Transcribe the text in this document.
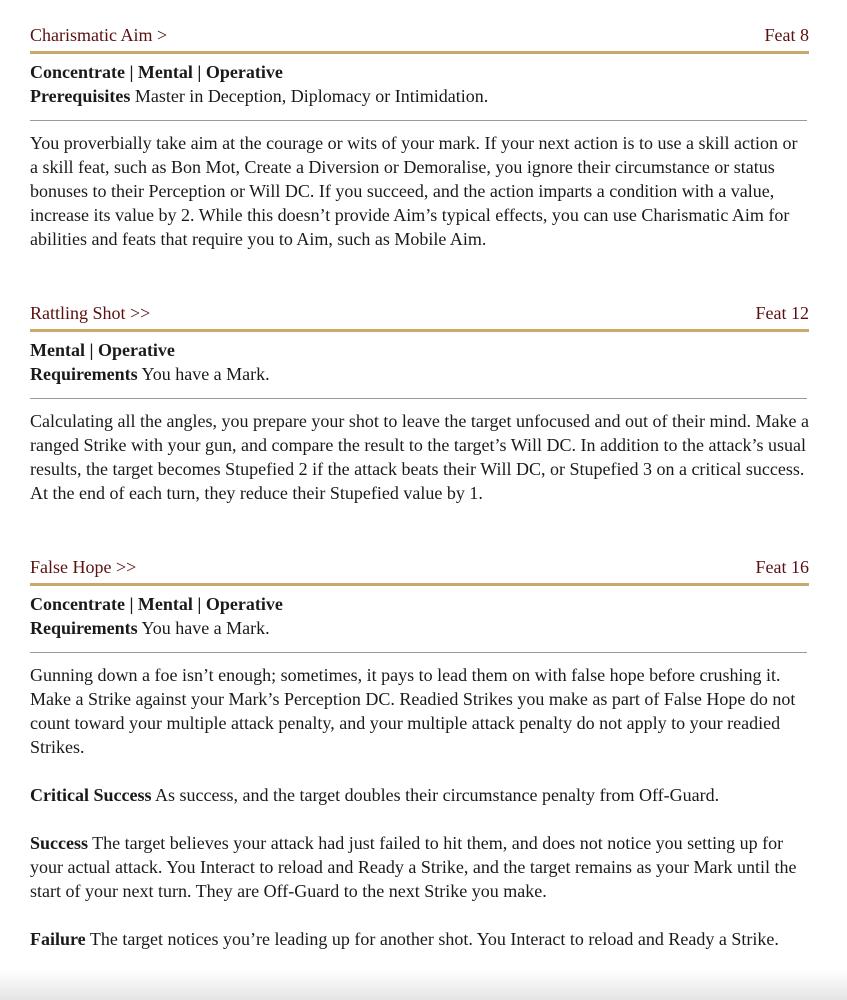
Charismatic Aim >	Feat 8
Concentrate | Mental | Operative
Prerequisites Master in Deception, Diplomacy or Intimidation.

You proverbially take aim at the courage or wits of your mark. If your next action is to use a skill action or a skill feat, such as Bon Mot, Create a Diversion or Demoralise, you ignore their circumstance or status bonuses to their Perception or Will DC. If you succeed, and the action imparts a condition with a value, increase its value by 2. While this doesn’t provide Aim’s typical effects, you can use Charismatic Aim for abilities and feats that require you to Aim, such as Mobile Aim.

Rattling Shot >>	Feat 12
Mental | Operative
Requirements You have a Mark.

Calculating all the angles, you prepare your shot to leave the target unfocused and out of their mind. Make a ranged Strike with your gun, and compare the result to the target’s Will DC. In addition to the attack’s usual results, the target becomes Stupefied 2 if the attack beats their Will DC, or Stupefied 3 on a critical success. At the end of each turn, they reduce their Stupefied value by 1.

False Hope >>	Feat 16
Concentrate | Mental | Operative
Requirements You have a Mark.

Gunning down a foe isn’t enough; sometimes, it pays to lead them on with false hope before crushing it. Make a Strike against your Mark’s Perception DC. Readied Strikes you make as part of False Hope do not count toward your multiple attack penalty, and your multiple attack penalty do not apply to your readied Strikes.

Critical Success As success, and the target doubles their circumstance penalty from Off-Guard.

Success The target believes your attack had just failed to hit them, and does not notice you setting up for your actual attack. You Interact to reload and Ready a Strike, and the target remains as your Mark until the start of your next turn. They are Off-Guard to the next Strike you make.

Failure The target notices you’re leading up for another shot. You Interact to reload and Ready a Strike.
